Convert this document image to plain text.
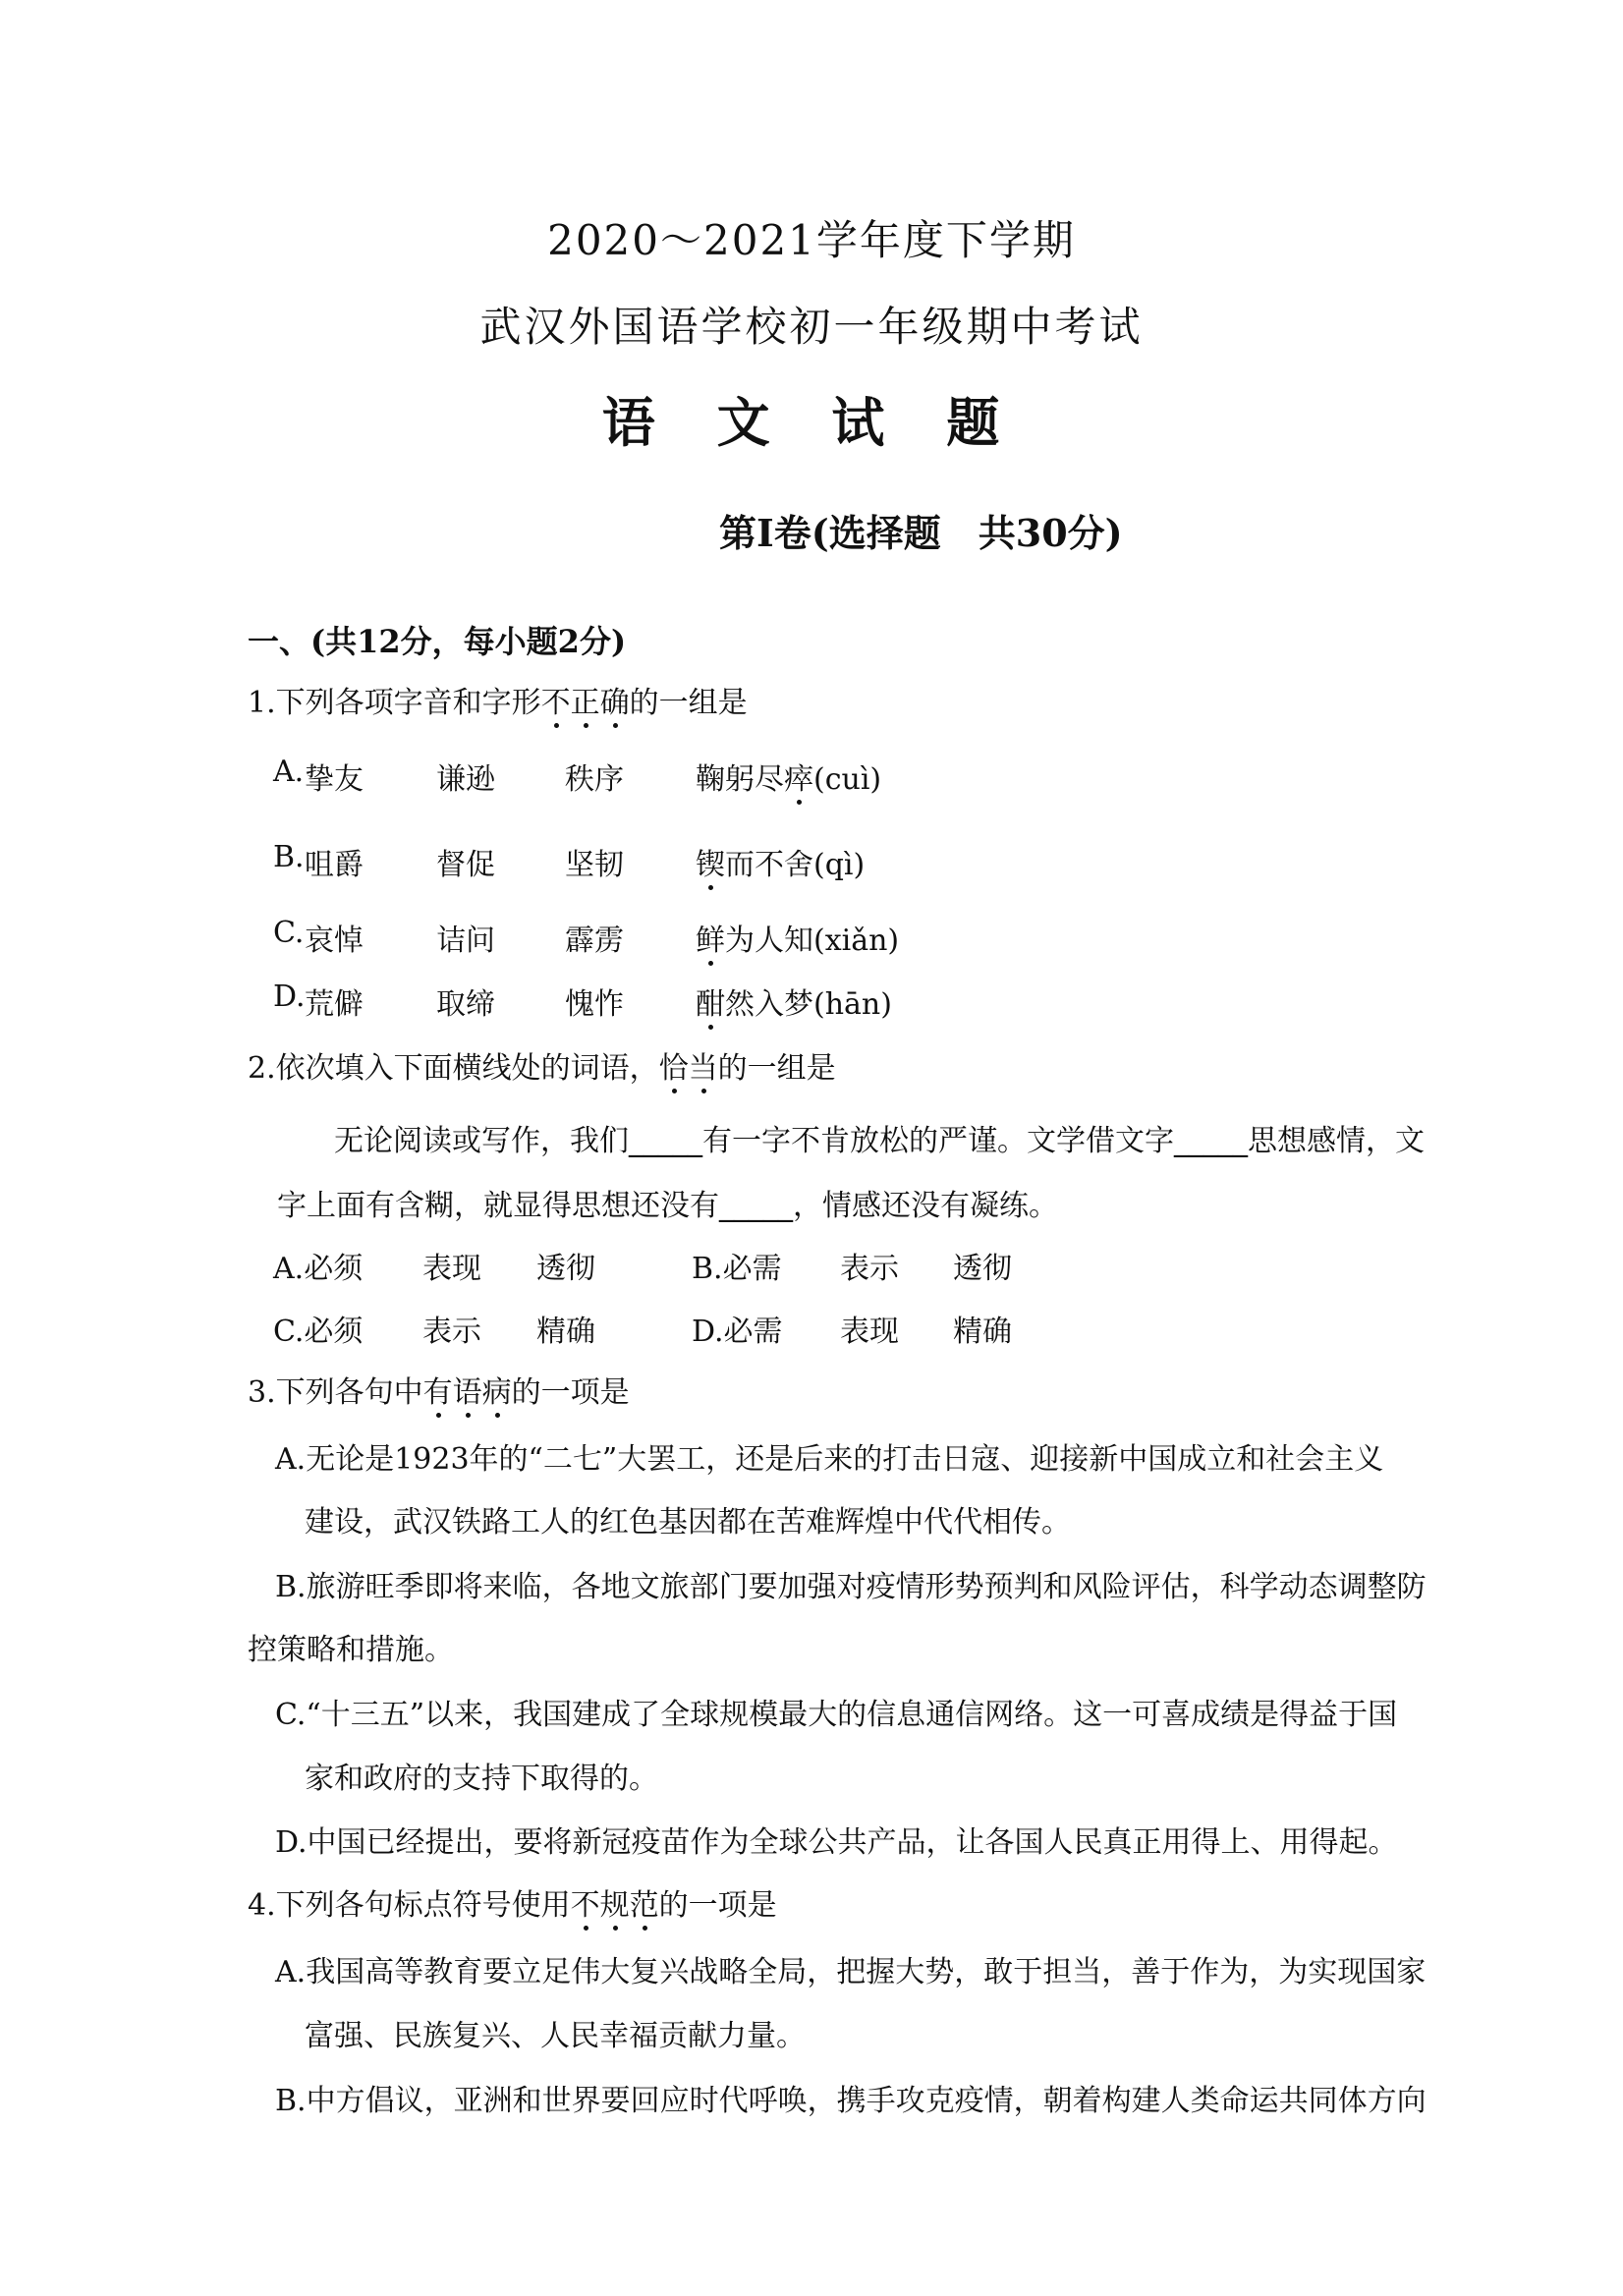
2020～2021学年度下学期
武汉外国语学校初一年级期中考试
语 文 试 题
第Ⅰ卷(选择题　共30分)
一、(共12分，每小题2分)
1.下列各项字音和字形不正确的一组是
A. 挚友 谦逊 秩序 鞠躬尽瘁(cuì)
B. 咀爵 督促 坚韧 锲而不舍(qì)
C. 哀悼 诘问 霹雳 鲜为人知(xiǎn)
D. 荒僻 取缔 愧怍 酣然入梦(hān)
2.依次填入下面横线处的词语，恰当的一组是
无论阅读或写作，我们_____有一字不肯放松的严谨。文学借文字_____思想感情，文
字上面有含糊，就显得思想还没有_____，情感还没有凝练。
A.必须 表现 透彻	B.必需 表示 透彻
C.必须 表示 精确	D.必需 表现 精确
3.下列各句中有语病的一项是
A.无论是1923年的“二七”大罢工，还是后来的打击日寇、迎接新中国成立和社会主义
建设，武汉铁路工人的红色基因都在苦难辉煌中代代相传。
B.旅游旺季即将来临，各地文旅部门要加强对疫情形势预判和风险评估，科学动态调整防
控策略和措施。
C.“十三五”以来，我国建成了全球规模最大的信息通信网络。这一可喜成绩是得益于国
家和政府的支持下取得的。
D.中国已经提出，要将新冠疫苗作为全球公共产品，让各国人民真正用得上、用得起。
4.下列各句标点符号使用不规范的一项是
A.我国高等教育要立足伟大复兴战略全局，把握大势，敢于担当，善于作为，为实现国家
富强、民族复兴、人民幸福贡献力量。
B.中方倡议，亚洲和世界要回应时代呼唤，携手攻克疫情，朝着构建人类命运共同体方向
